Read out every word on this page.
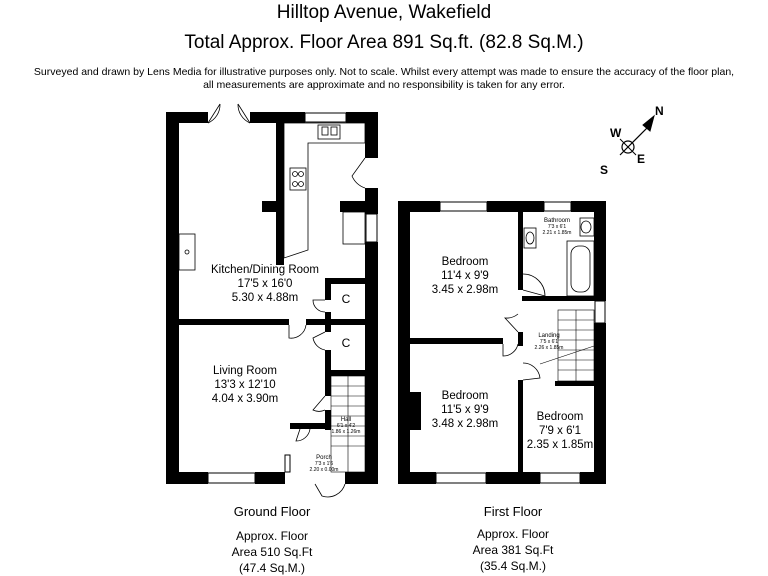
Hilltop Avenue, Wakefield
Total Approx. Floor Area 891 Sq.ft. (82.8 Sq.M.)
Surveyed and drawn by Lens Media for illustrative purposes only. Not to scale. Whilst every attempt was made to ensure the accuracy of the floor plan,
all measurements are approximate and no responsibility is taken for any error.
N
W
E
S
Kitchen/Dining Room
17'5 x 16'0
5.30 x 4.88m
Living Room
13'3 x 12'10
4.04 x 3.90m
C
C
Hall
6'1 x 4'2
1.86 x 1.26m
Porch
7'3 x 1'6
2.20 x 0.00m
Bedroom
11'4 x 9'9
3.45 x 2.98m
Bedroom
11'5 x 9'9
3.48 x 2.98m
Bedroom
7'9 x 6'1
2.35 x 1.85m
Bathroom
7'3 x 6'1
2.21 x 1.85m
Landing
7'5 x 6'1
2.26 x 1.85m
Ground Floor
Approx. Floor
Area 510 Sq.Ft
(47.4 Sq.M.)
First Floor
Approx. Floor
Area 381 Sq.Ft
(35.4 Sq.M.)
